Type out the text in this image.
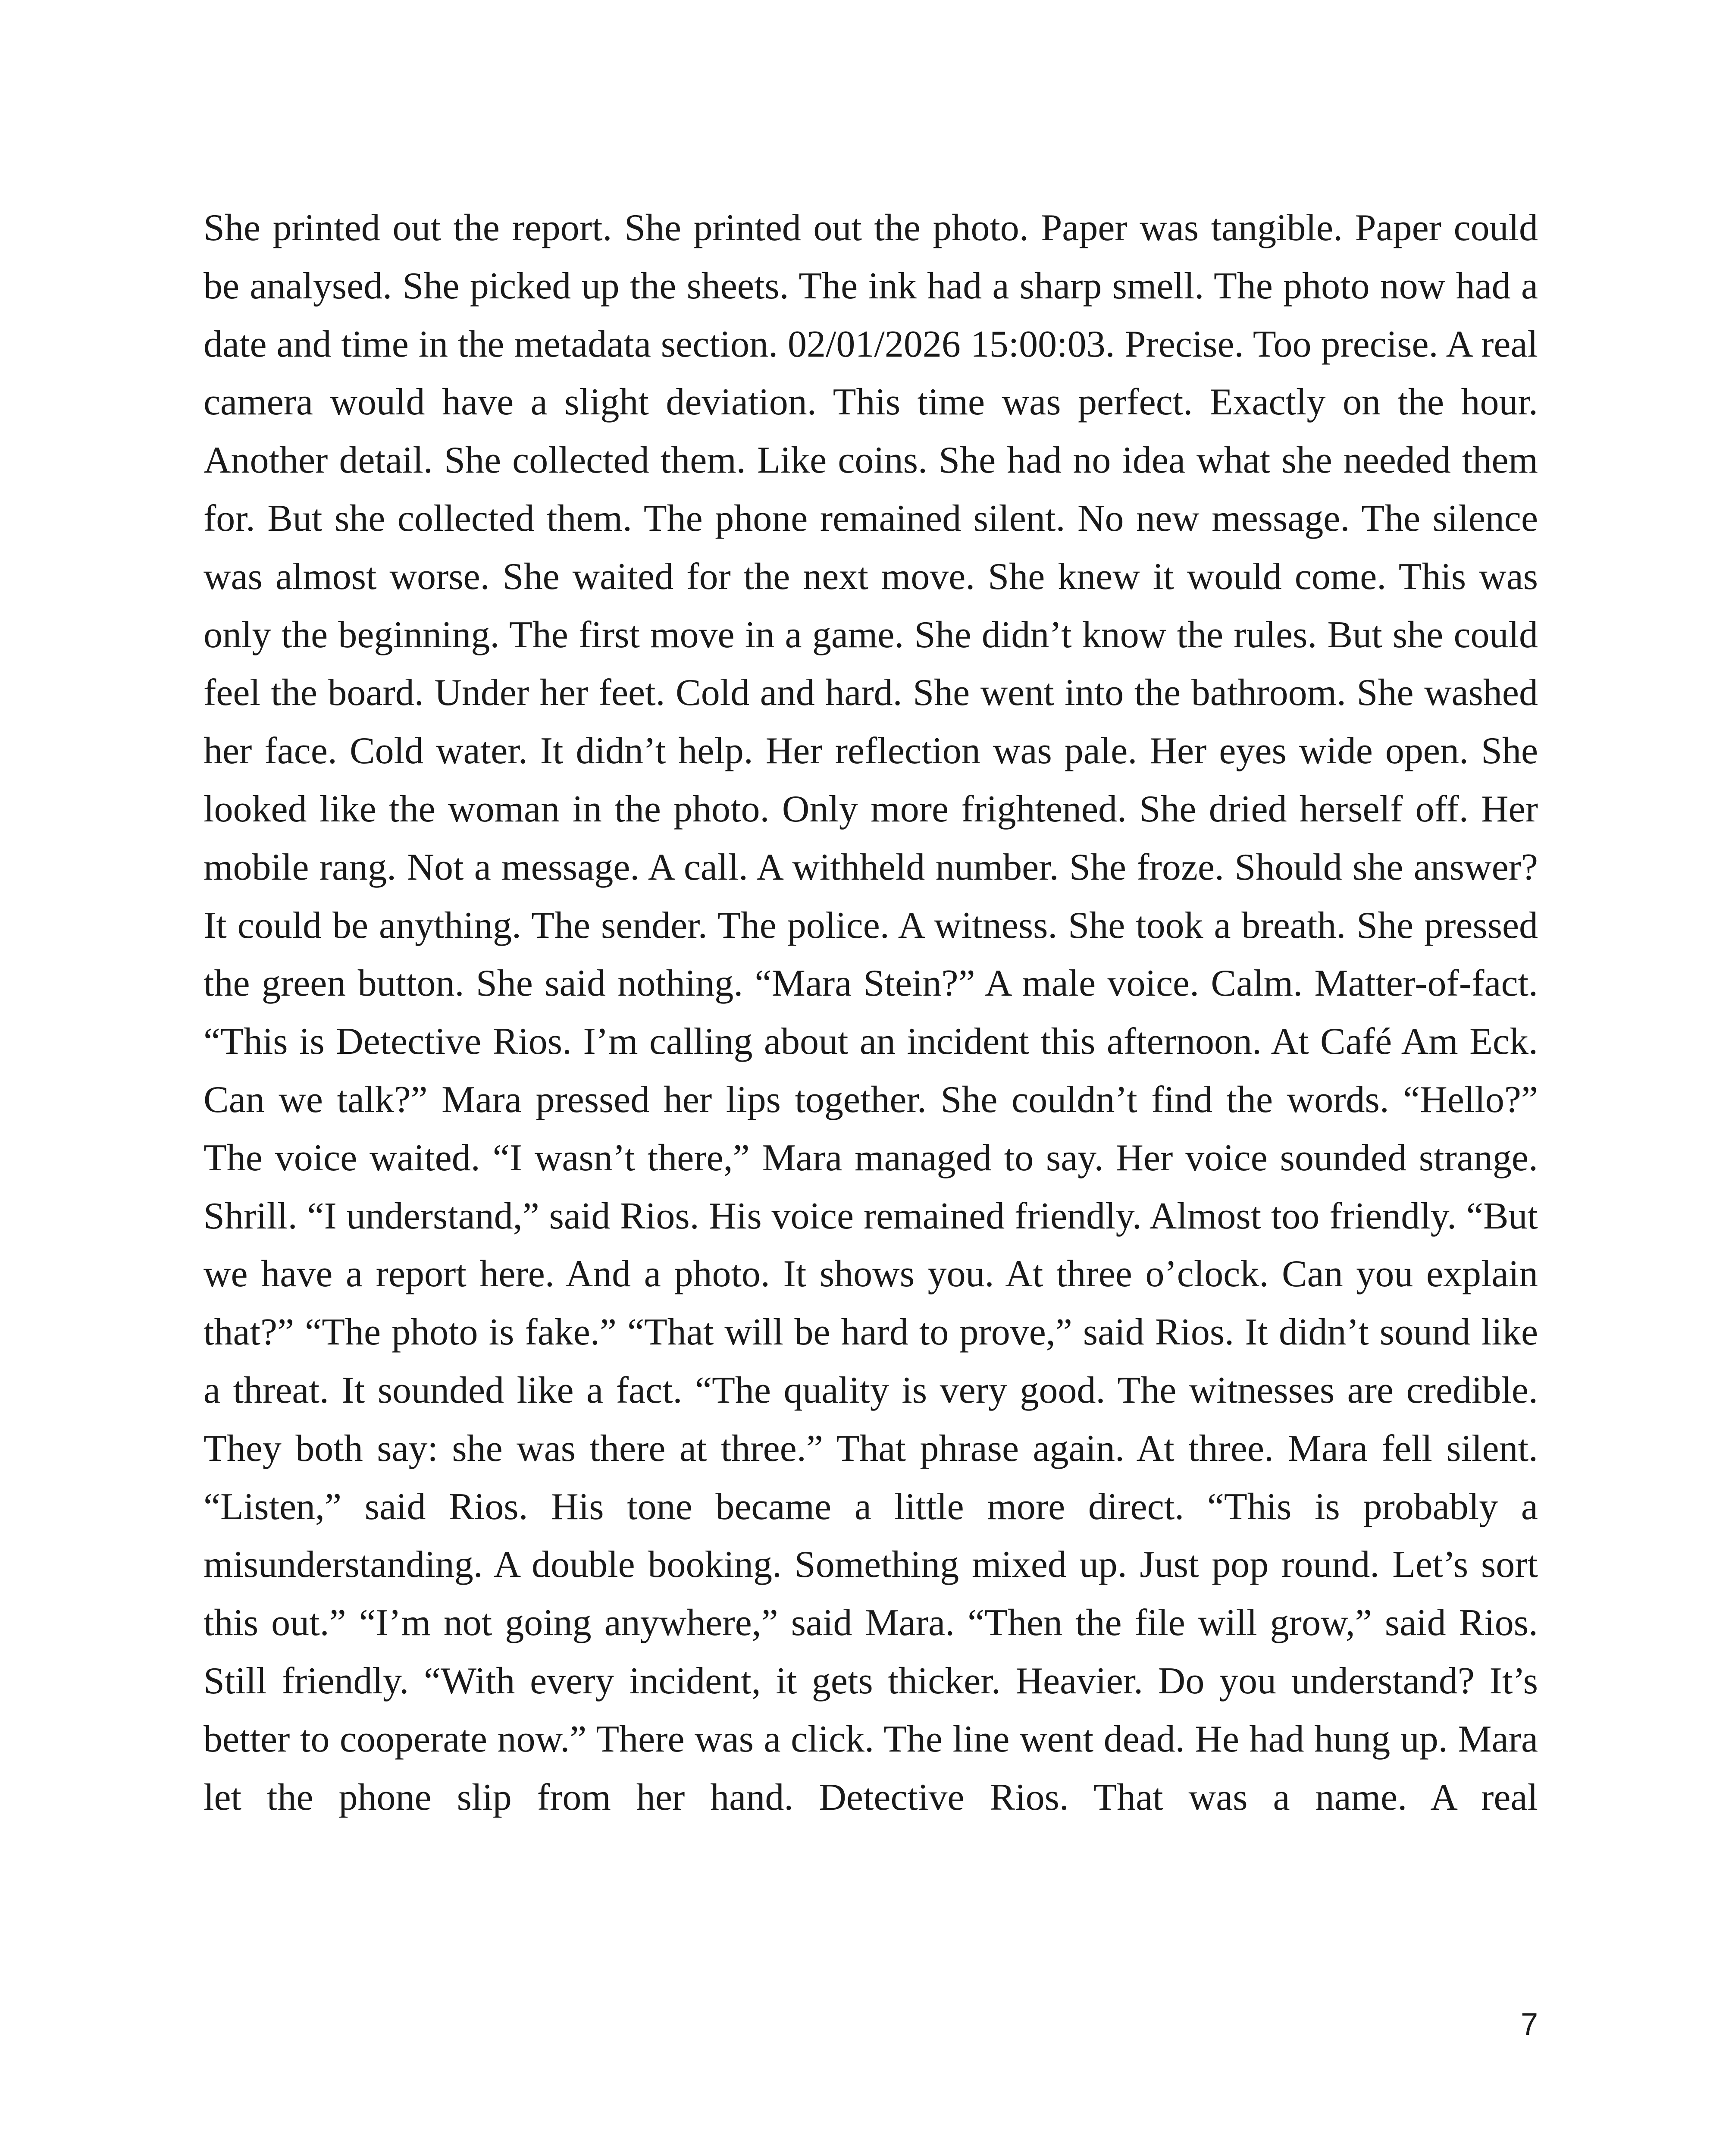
She printed out the report. She printed out the photo. Paper was tangible. Paper could be analysed. She picked up the sheets. The ink had a sharp smell. The photo now had a date and time in the metadata section. 02/01/2026 15:00:03. Precise. Too precise. A real camera would have a slight deviation. This time was perfect. Exactly on the hour. Another detail. She collected them. Like coins. She had no idea what she needed them for. But she collected them. The phone remained silent. No new message. The silence was almost worse. She waited for the next move. She knew it would come. This was only the beginning. The first move in a game. She didn’t know the rules. But she could feel the board. Under her feet. Cold and hard. She went into the bathroom. She washed her face. Cold water. It didn’t help. Her reflection was pale. Her eyes wide open. She looked like the woman in the photo. Only more frightened. She dried herself off. Her mobile rang. Not a message. A call. A withheld number. She froze. Should she answer? It could be anything. The sender. The police. A witness. She took a breath. She pressed the green button. She said nothing. “Mara Stein?” A male voice. Calm. Matter-of-fact. “This is Detective Rios. I’m calling about an incident this afternoon. At Café Am Eck. Can we talk?” Mara pressed her lips together. She couldn’t find the words. “Hello?” The voice waited. “I wasn’t there,” Mara managed to say. Her voice sounded strange. Shrill. “I understand,” said Rios. His voice remained friendly. Almost too friendly. “But we have a report here. And a photo. It shows you. At three o’clock. Can you explain that?” “The photo is fake.” “That will be hard to prove,” said Rios. It didn’t sound like a threat. It sounded like a fact. “The quality is very good. The witnesses are credible. They both say: she was there at three.” That phrase again. At three. Mara fell silent. “Listen,” said Rios. His tone became a little more direct. “This is probably a misunderstanding. A double booking. Something mixed up. Just pop round. Let’s sort this out.” “I’m not going anywhere,” said Mara. “Then the file will grow,” said Rios. Still friendly. “With every incident, it gets thicker. Heavier. Do you understand? It’s better to cooperate now.” There was a click. The line went dead. He had hung up. Mara let the phone slip from her hand. Detective Rios. That was a name. A real

7
